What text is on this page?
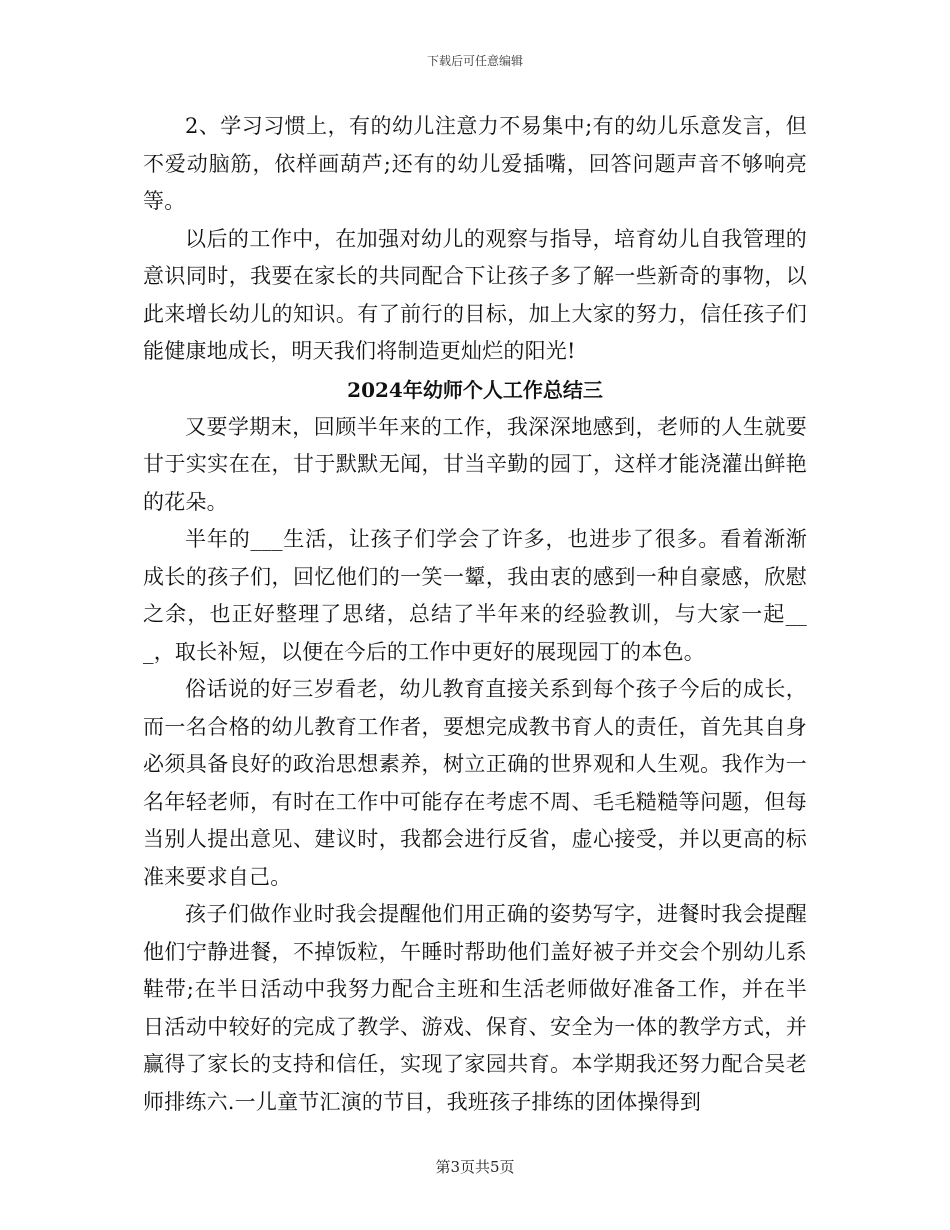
下载后可任意编辑

2、学习习惯上，有的幼儿注意力不易集中;有的幼儿乐意发言，但不爱动脑筋，依样画葫芦;还有的幼儿爱插嘴，回答问题声音不够响亮等。

以后的工作中，在加强对幼儿的观察与指导，培育幼儿自我管理的意识同时，我要在家长的共同配合下让孩子多了解一些新奇的事物，以此来增长幼儿的知识。有了前行的目标，加上大家的努力，信任孩子们能健康地成长，明天我们将制造更灿烂的阳光!

2024年幼师个人工作总结三

又要学期末，回顾半年来的工作，我深深地感到，老师的人生就要甘于实实在在，甘于默默无闻，甘当辛勤的园丁，这样才能浇灌出鲜艳的花朵。

半年的___生活，让孩子们学会了许多，也进步了很多。看着渐渐成长的孩子们，回忆他们的一笑一颦，我由衷的感到一种自豪感，欣慰之余，也正好整理了思绪，总结了半年来的经验教训，与大家一起___，取长补短，以便在今后的工作中更好的展现园丁的本色。

俗话说的好三岁看老，幼儿教育直接关系到每个孩子今后的成长，而一名合格的幼儿教育工作者，要想完成教书育人的责任，首先其自身必须具备良好的政治思想素养，树立正确的世界观和人生观。我作为一名年轻老师，有时在工作中可能存在考虑不周、毛毛糙糙等问题，但每当别人提出意见、建议时，我都会进行反省，虚心接受，并以更高的标准来要求自己。

孩子们做作业时我会提醒他们用正确的姿势写字，进餐时我会提醒他们宁静进餐，不掉饭粒，午睡时帮助他们盖好被子并交会个别幼儿系鞋带;在半日活动中我努力配合主班和生活老师做好准备工作，并在半日活动中较好的完成了教学、游戏、保育、安全为一体的教学方式，并赢得了家长的支持和信任，实现了家园共育。本学期我还努力配合吴老师排练六.一儿童节汇演的节目，我班孩子排练的团体操得到

第3页共5页
